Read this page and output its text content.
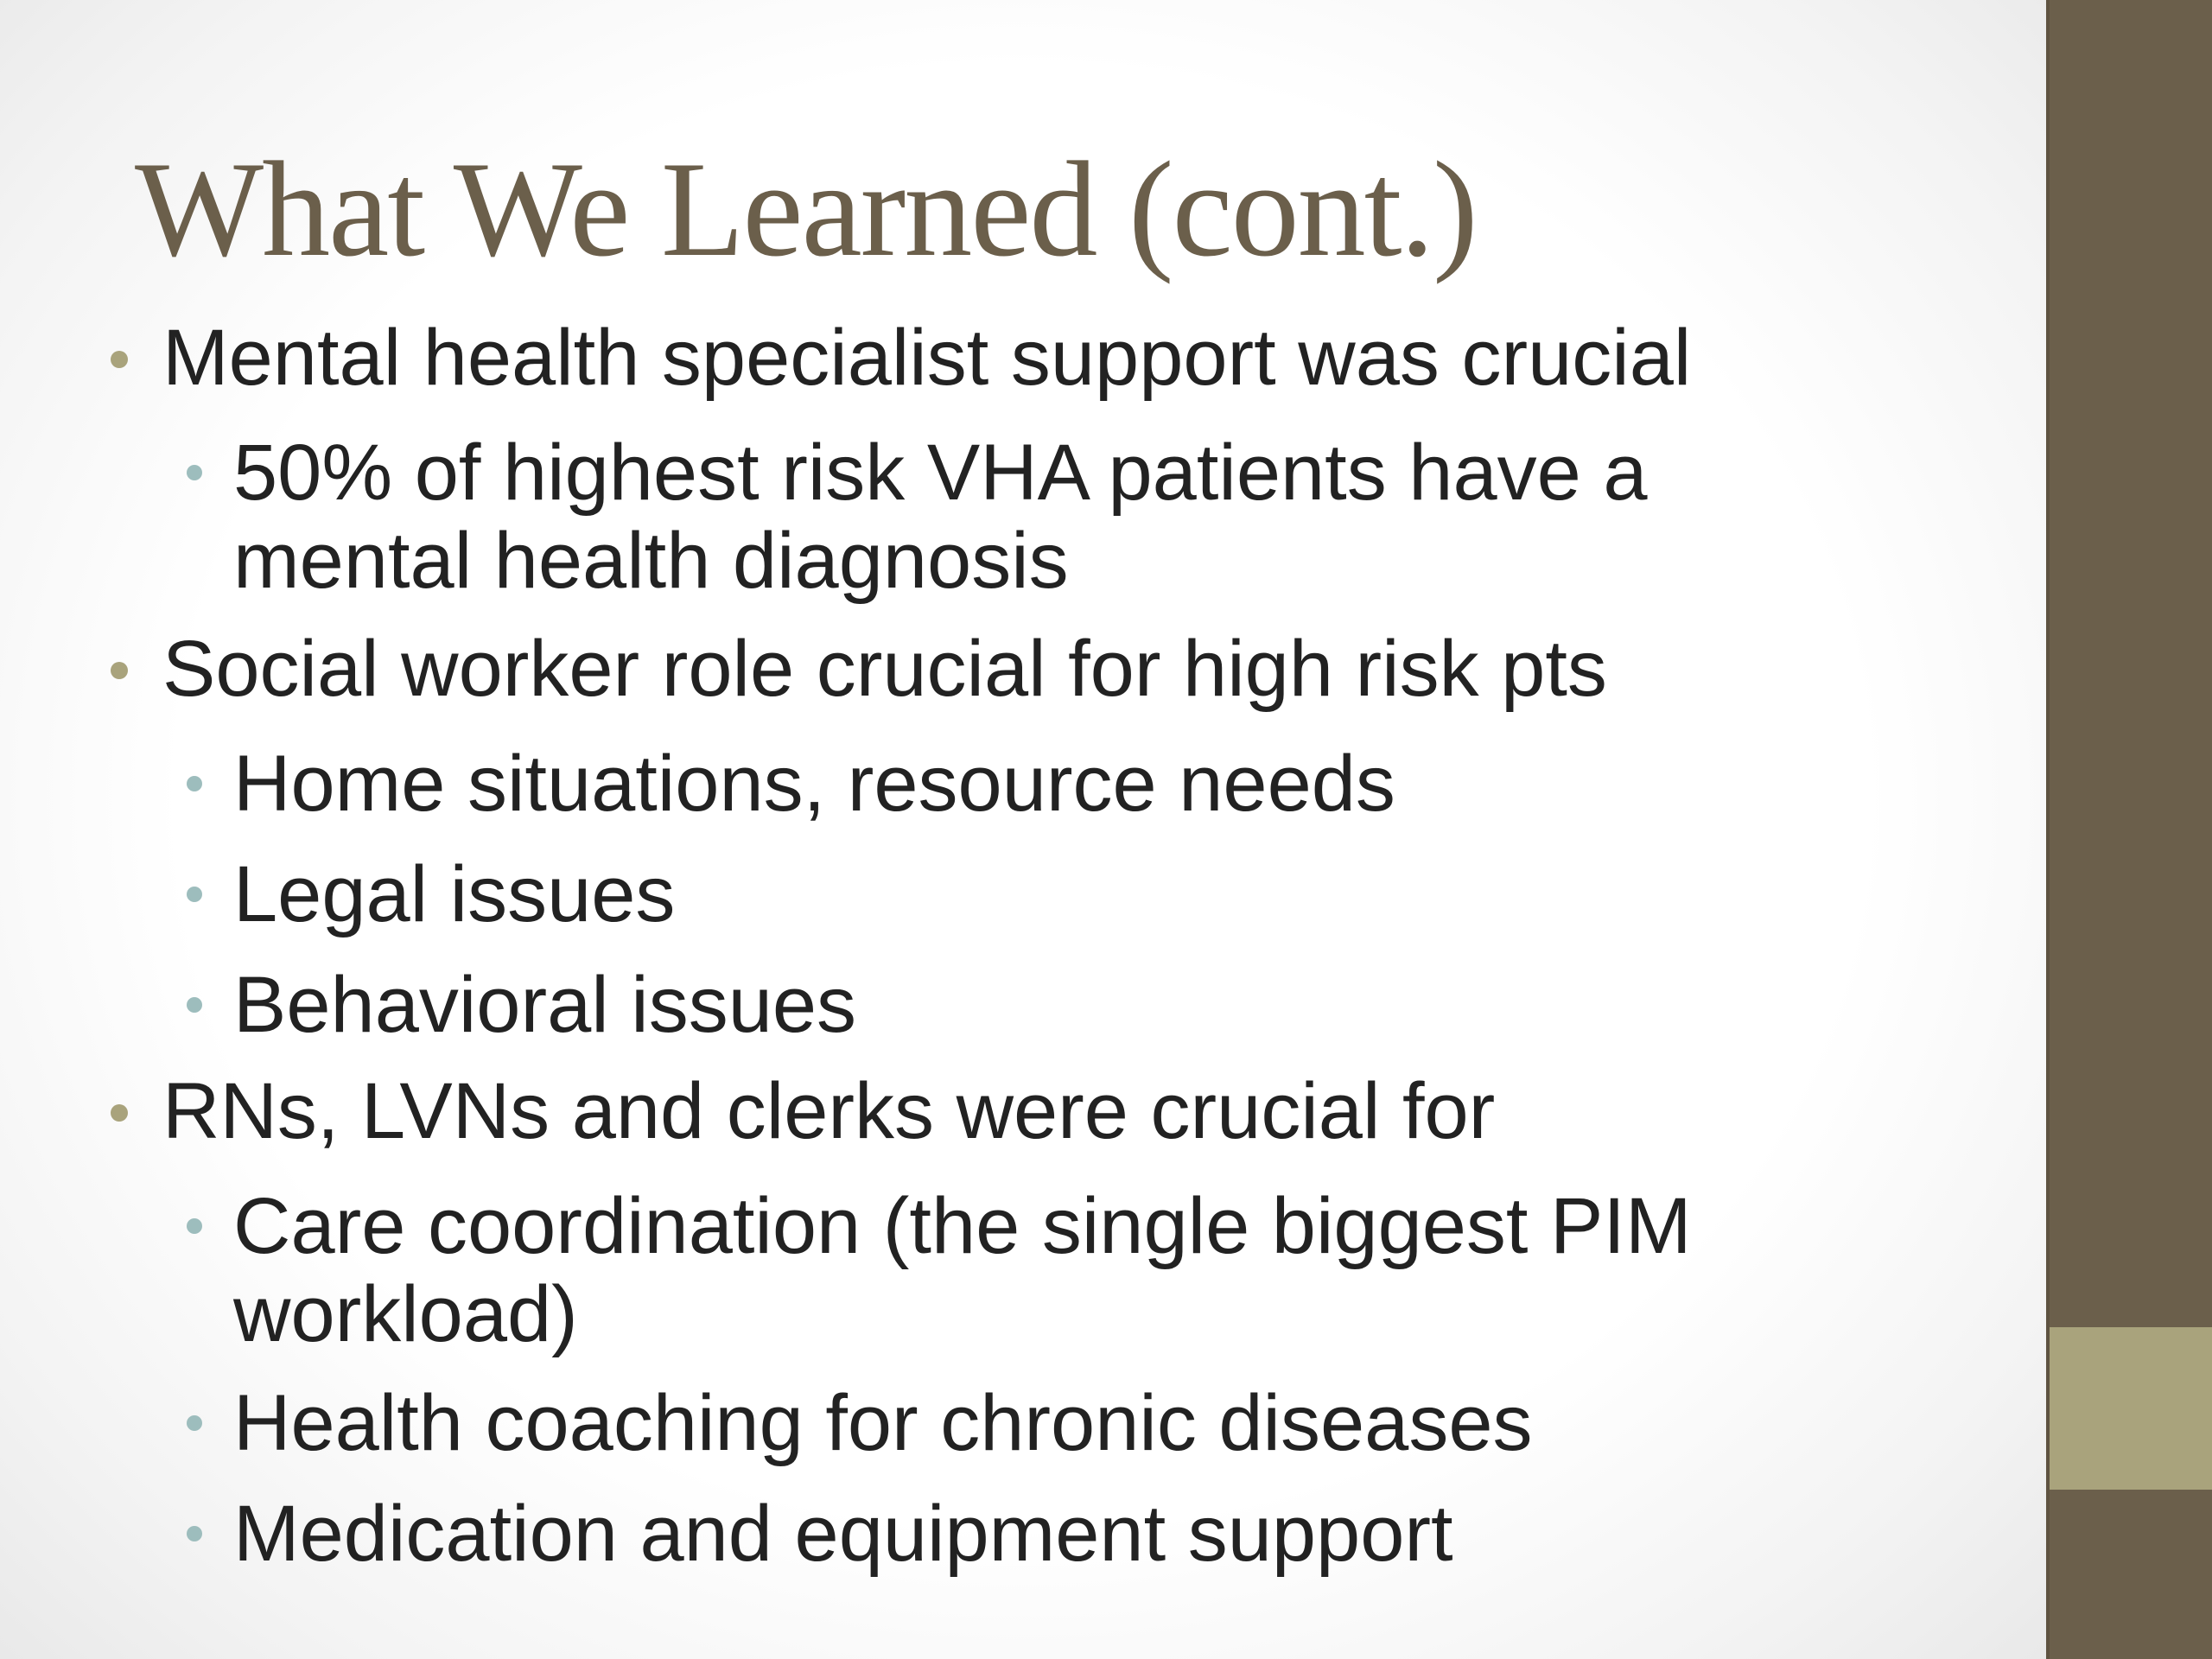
What We Learned (cont.)
Mental health specialist support was crucial
50% of highest risk VHA patients have a
mental health diagnosis
Social worker role crucial for high risk pts
Home situations, resource needs
Legal issues
Behavioral issues
RNs, LVNs and clerks were crucial for
Care coordination (the single biggest PIM
workload)
Health coaching for chronic diseases
Medication and equipment support
